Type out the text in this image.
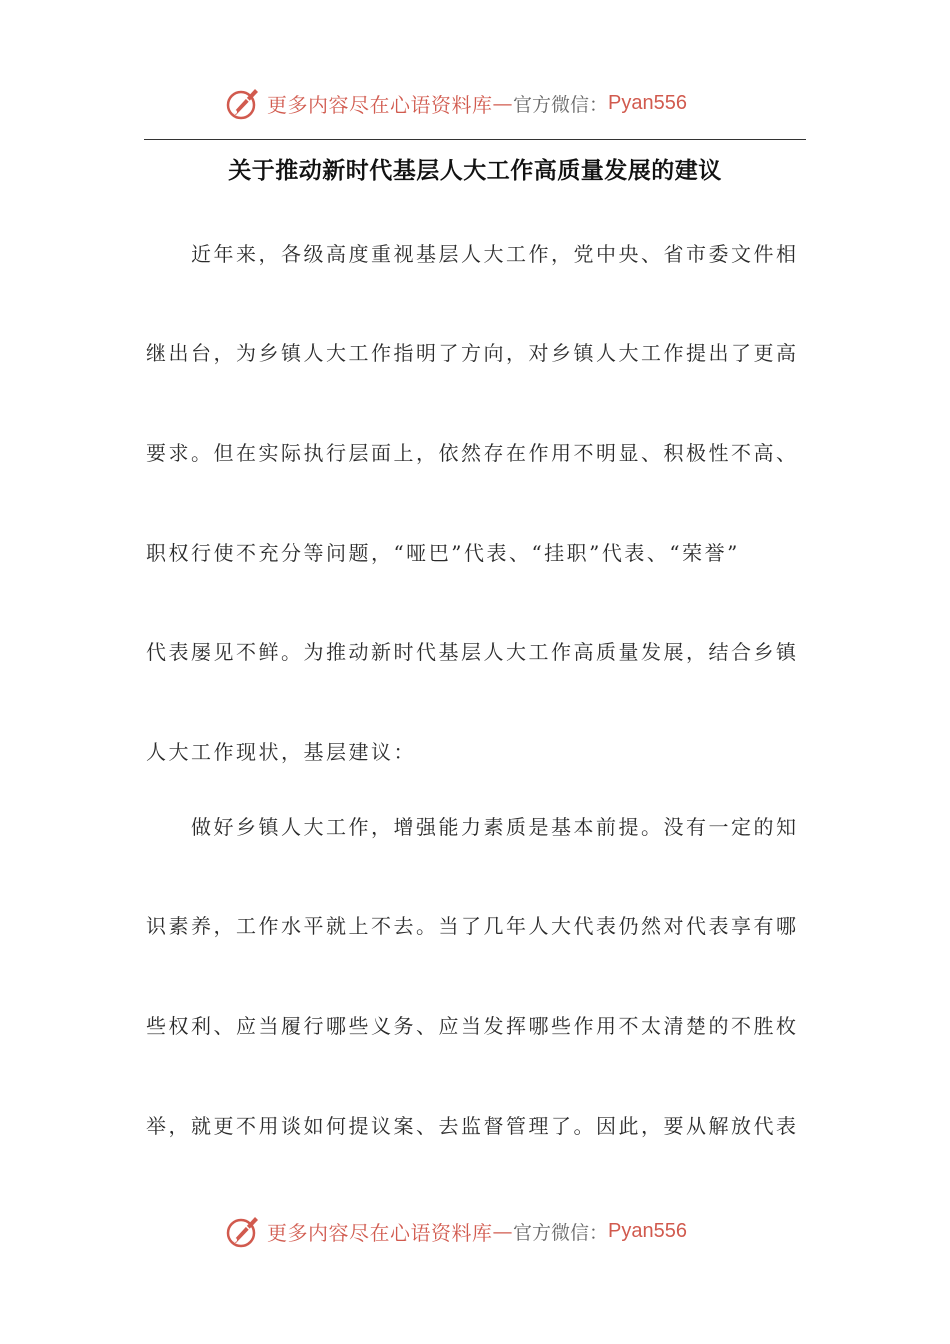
更多内容尽在心语资料库 — 官方微信： Pyan556
关于推动新时代基层人大工作高质量发展的建议
　　近年来，各级高度重视基层人大工作，党中央、省市委文件相
继出台，为乡镇人大工作指明了方向，对乡镇人大工作提出了更高
要求。但在实际执行层面上，依然存在作用不明显、积极性不高、
职权行使不充分等问题，“哑巴”代表、“挂职”代表、“荣誉”
代表屡见不鲜。为推动新时代基层人大工作高质量发展，结合乡镇
人大工作现状，基层建议：
　　做好乡镇人大工作，增强能力素质是基本前提。没有一定的知
识素养，工作水平就上不去。当了几年人大代表仍然对代表享有哪
些权利、应当履行哪些义务、应当发挥哪些作用不太清楚的不胜枚
举，就更不用谈如何提议案、去监督管理了。因此，要从解放代表
更多内容尽在心语资料库 — 官方微信： Pyan556
